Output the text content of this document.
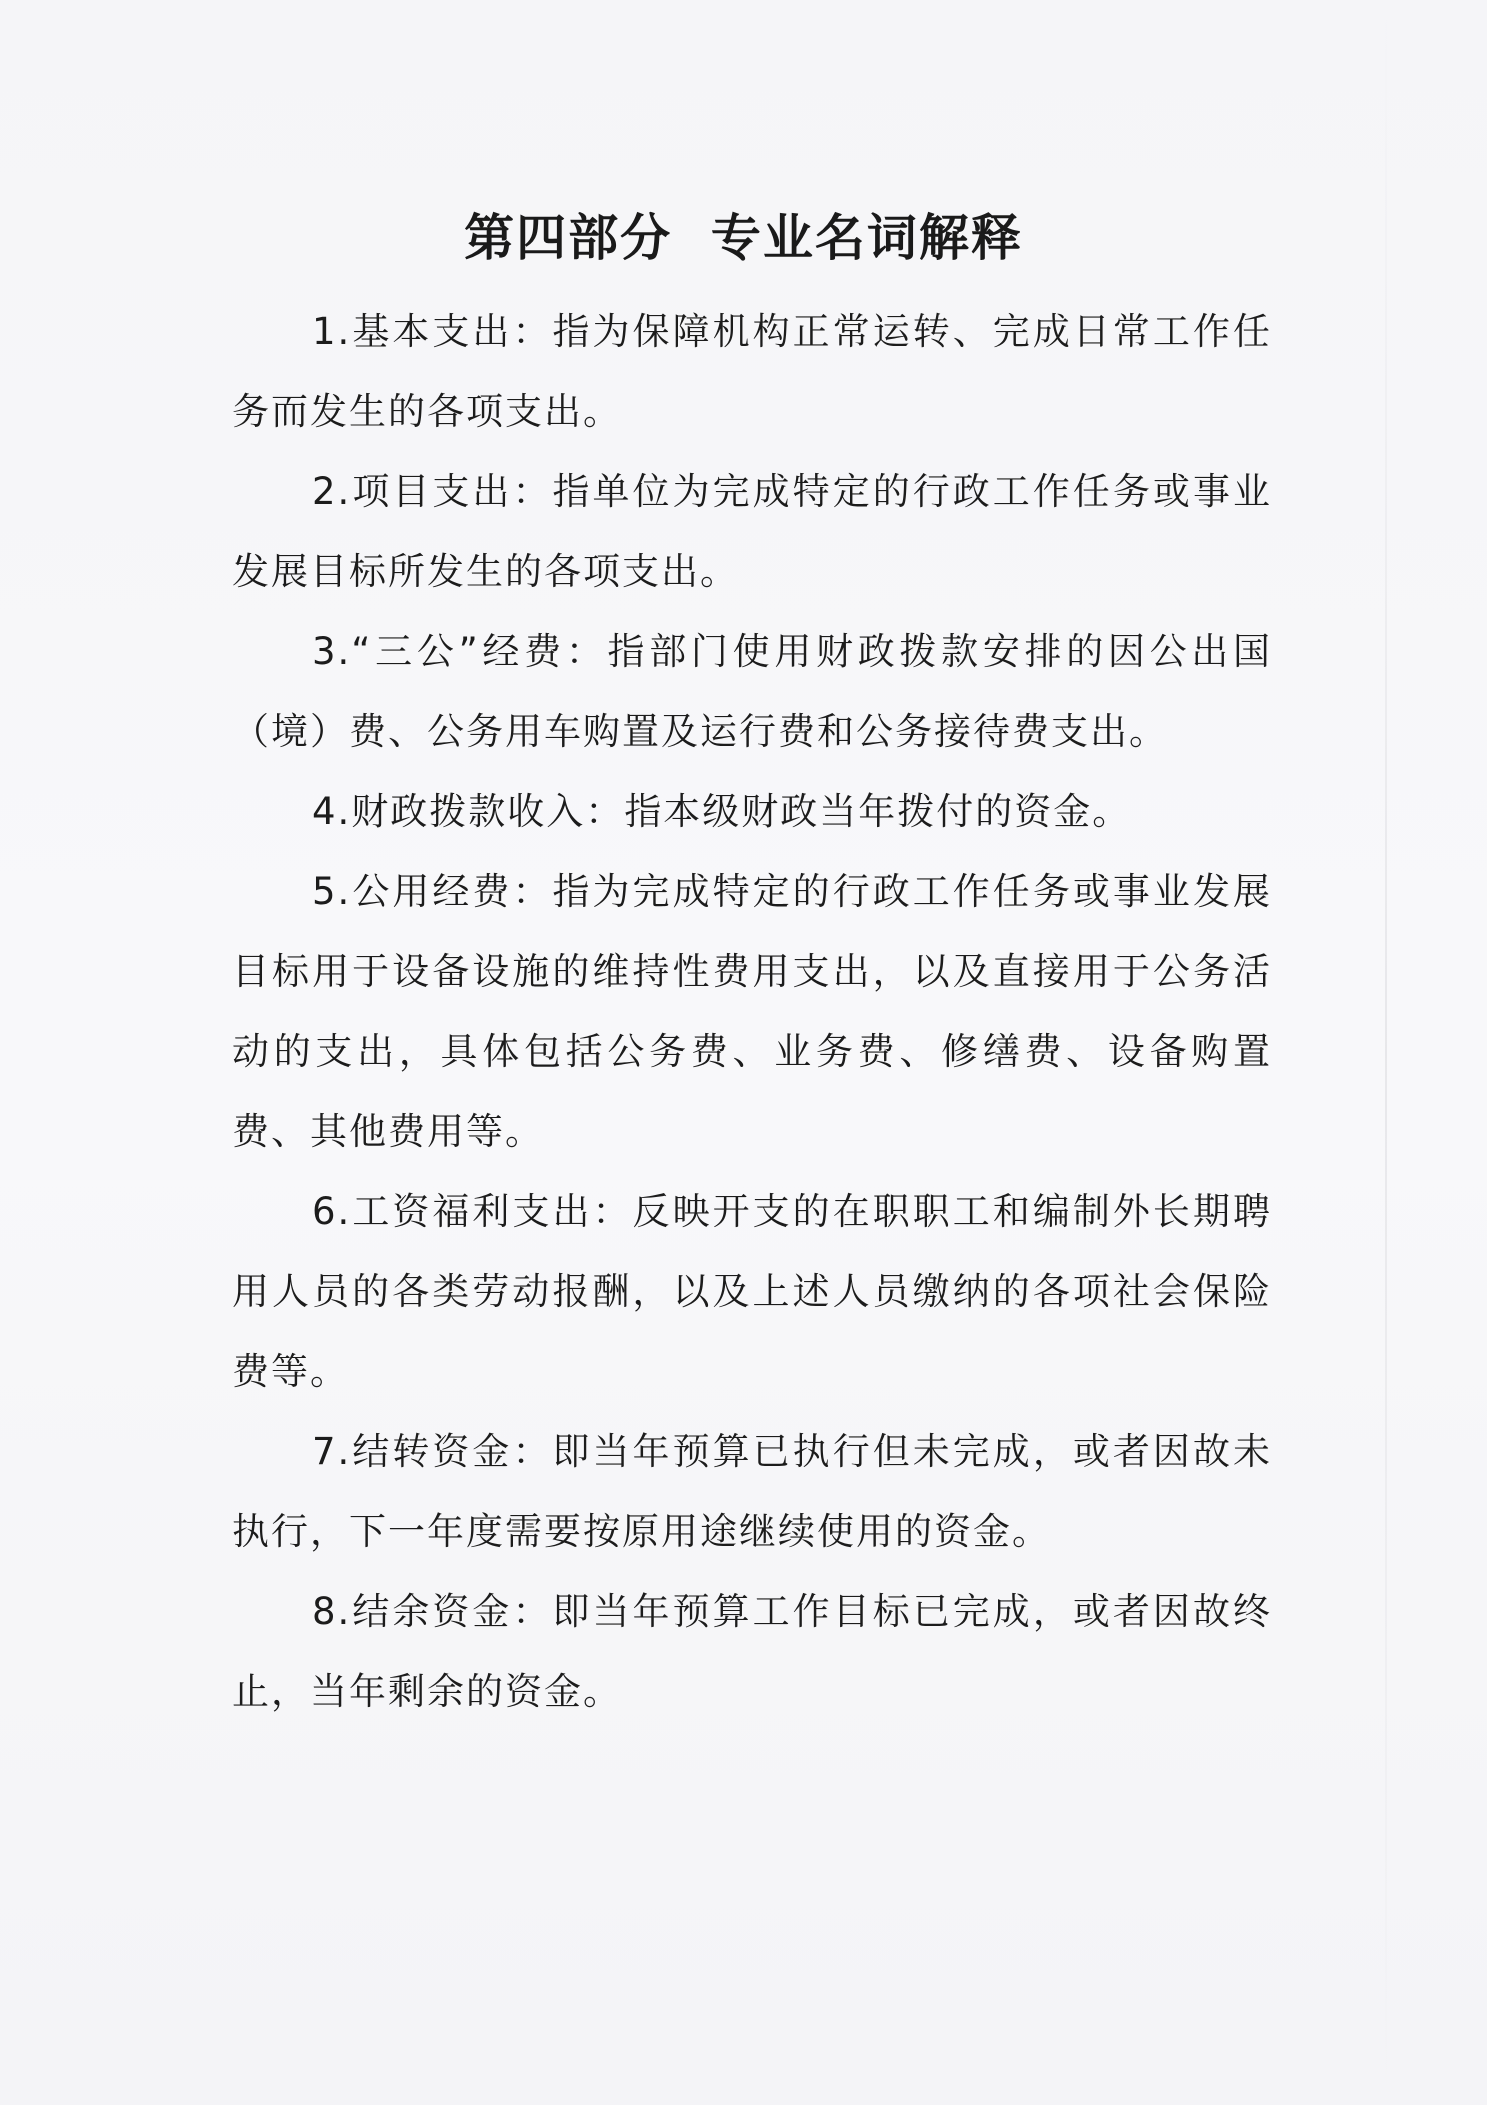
第四部分  专业名词解释

1.基本支出：指为保障机构正常运转、完成日常工作任务而发生的各项支出。

2.项目支出：指单位为完成特定的行政工作任务或事业发展目标所发生的各项支出。

3.“三公”经费：指部门使用财政拨款安排的因公出国（境）费、公务用车购置及运行费和公务接待费支出。

4.财政拨款收入：指本级财政当年拨付的资金。

5.公用经费：指为完成特定的行政工作任务或事业发展目标用于设备设施的维持性费用支出，以及直接用于公务活动的支出，具体包括公务费、业务费、修缮费、设备购置费、其他费用等。

6.工资福利支出：反映开支的在职职工和编制外长期聘用人员的各类劳动报酬，以及上述人员缴纳的各项社会保险费等。

7.结转资金：即当年预算已执行但未完成，或者因故未执行，下一年度需要按原用途继续使用的资金。

8.结余资金：即当年预算工作目标已完成，或者因故终止，当年剩余的资金。
